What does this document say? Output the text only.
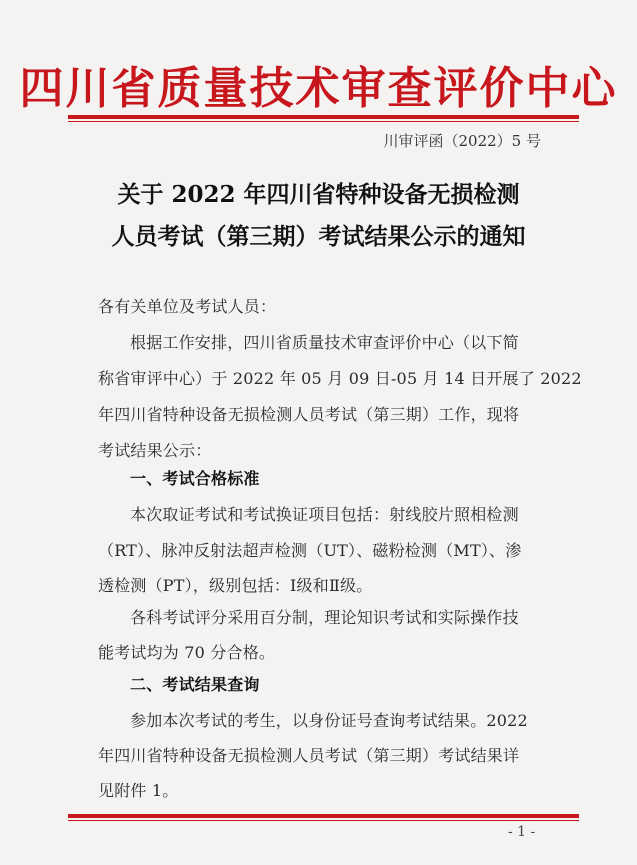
四川省质量技术审查评价中心
川审评函（2022）5 号
关于 2022 年四川省特种设备无损检测
人员考试（第三期）考试结果公示的通知
各有关单位及考试人员：
根据工作安排，四川省质量技术审查评价中心（以下简
称省审评中心）于 2022 年 05 月 09 日-05 月 14 日开展了 2022
年四川省特种设备无损检测人员考试（第三期）工作，现将
考试结果公示：
一、考试合格标准
本次取证考试和考试换证项目包括：射线胶片照相检测
（RT）、脉冲反射法超声检测（UT）、磁粉检测（MT）、渗
透检测（PT），级别包括：Ⅰ级和Ⅱ级。
各科考试评分采用百分制，理论知识考试和实际操作技
能考试均为 70 分合格。
二、考试结果查询
参加本次考试的考生，以身份证号查询考试结果。2022
年四川省特种设备无损检测人员考试（第三期）考试结果详
见附件 1。
- 1 -
